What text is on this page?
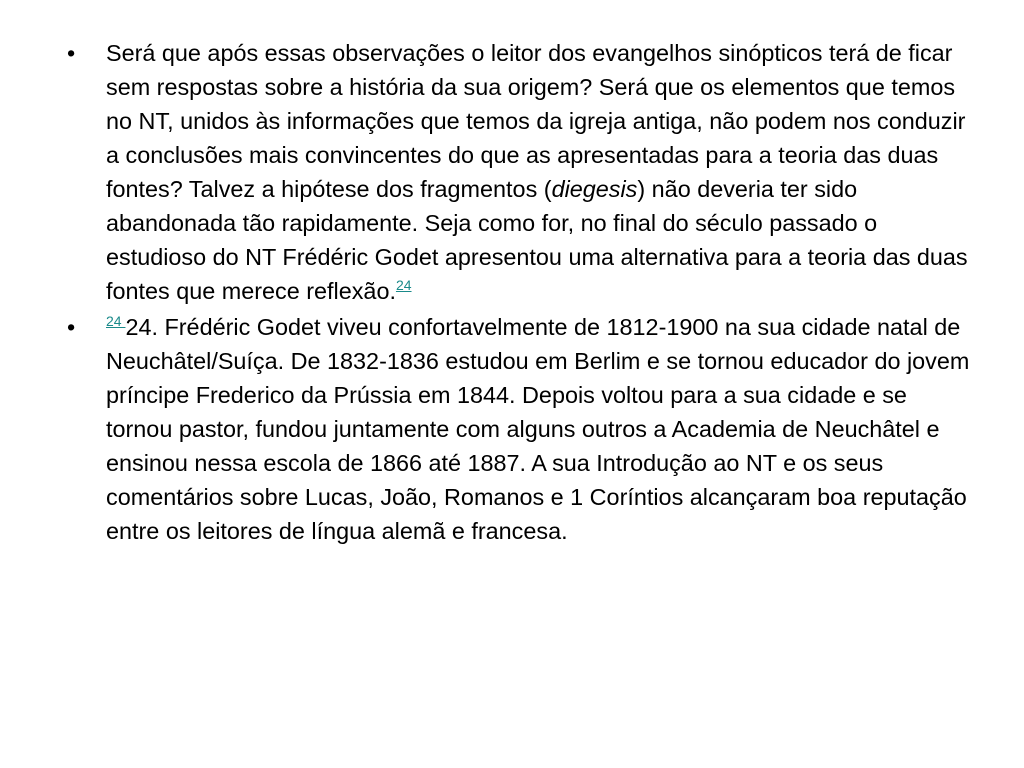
• Será que após essas observações o leitor dos evangelhos sinópticos terá de ficar sem respostas sobre a história da sua origem? Será que os elementos que temos no NT, unidos às informações que temos da igreja antiga, não podem nos conduzir a conclusões mais convincentes do que as apresentadas para a teoria das duas fontes? Talvez a hipótese dos fragmentos (diegesis) não deveria ter sido abandonada tão rapidamente. Seja como for, no final do século passado o estudioso do NT Frédéric Godet apresentou uma alternativa para a teoria das duas fontes que merece reflexão.$^{24}$
• $^{24}$ 24. Frédéric Godet viveu confortavelmente de 1812-1900 na sua cidade natal de Neuchâtel/Suíça. De 1832-1836 estudou em Berlim e se tornou educador do jovem príncipe Frederico da Prússia em 1844. Depois voltou para a sua cidade e se tornou pastor, fundou juntamente com alguns outros a Academia de Neuchâtel e ensinou nessa escola de 1866 até 1887. A sua Introdução ao NT e os seus comentários sobre Lucas, João, Romanos e 1 Coríntios alcançaram boa reputação entre os leitores de língua alemã e francesa.
